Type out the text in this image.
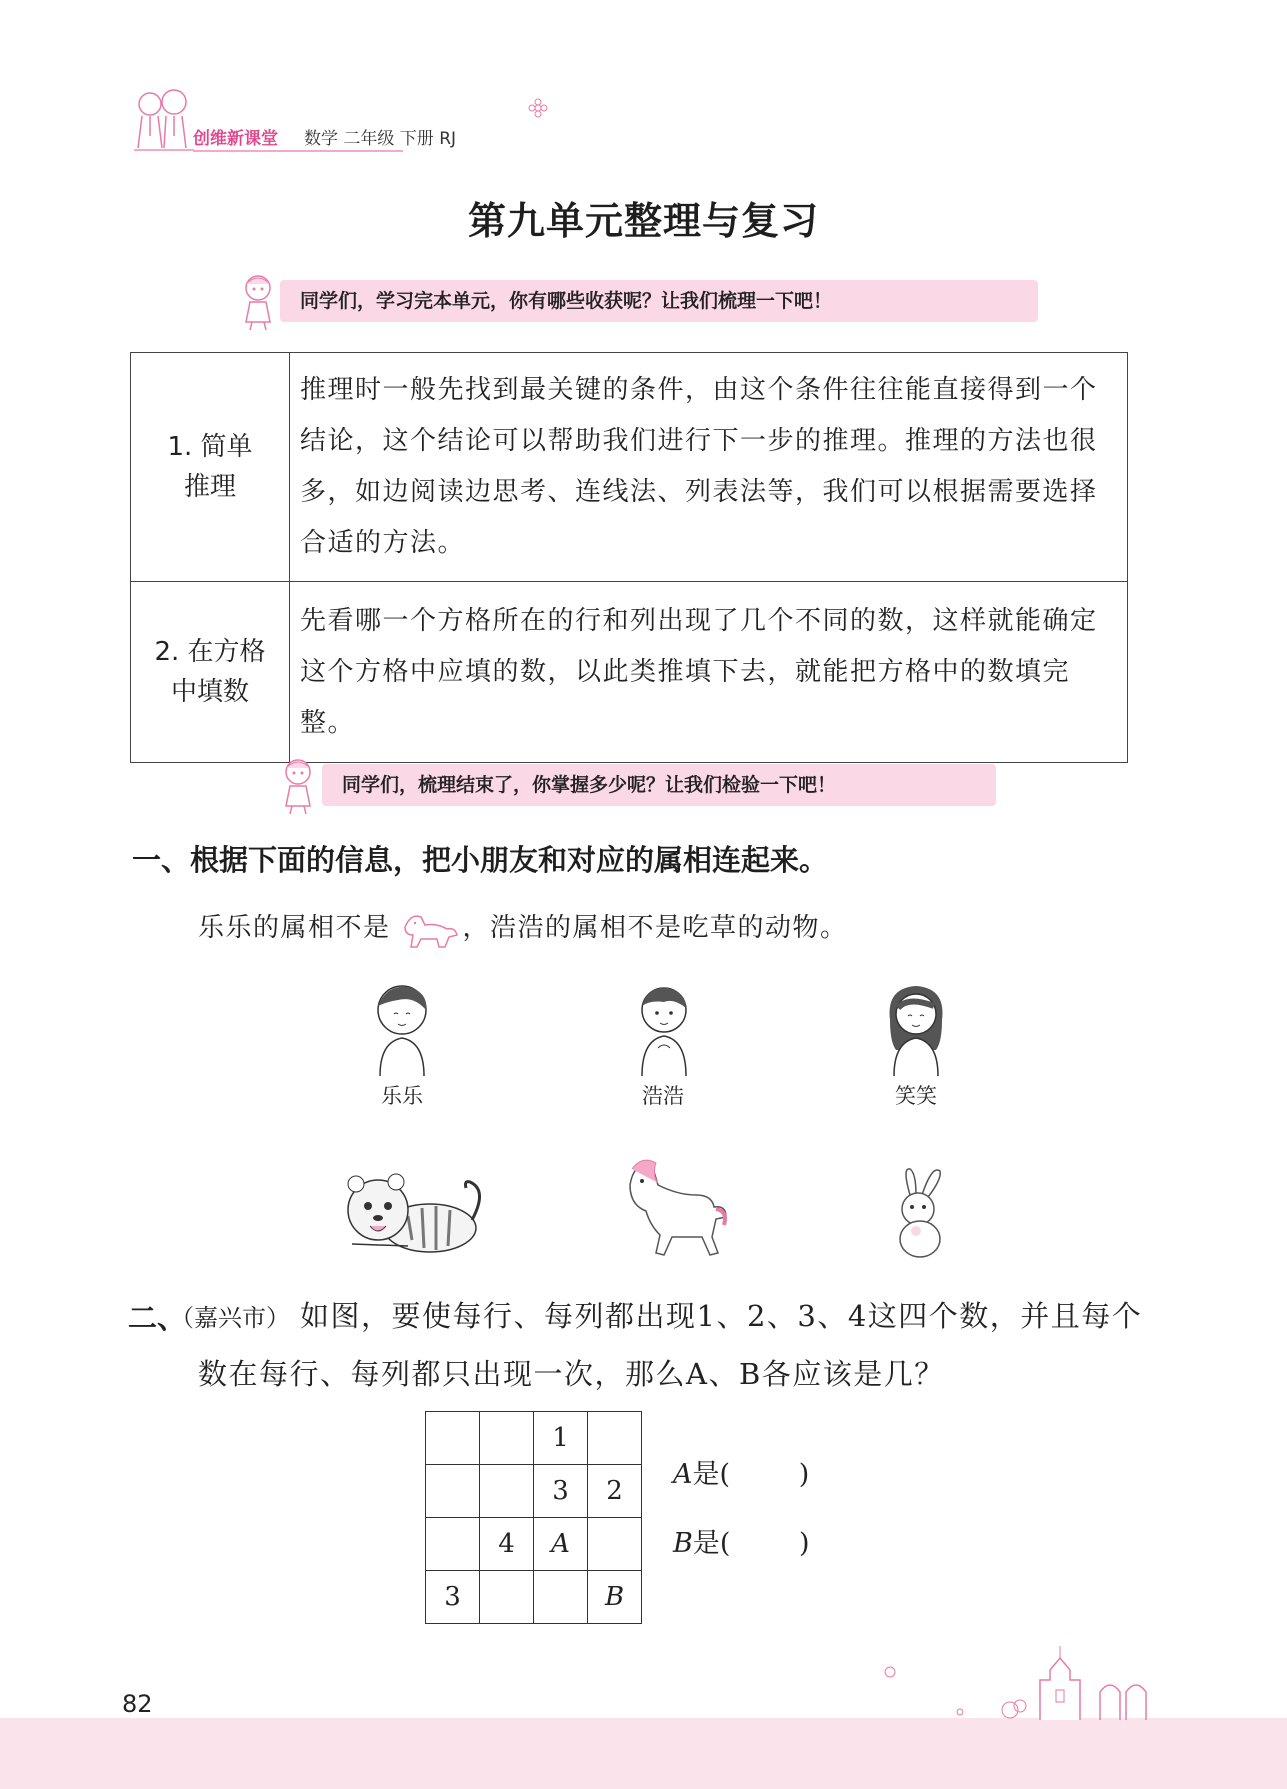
创维新课堂 数学 二年级 下册 RJ
第九单元整理与复习
同学们，学习完本单元，你有哪些收获呢？让我们梳理一下吧！
1. 简单
推理	推理时一般先找到最关键的条件，由这个条件往往能直接得到一个结论，这个结论可以帮助我们进行下一步的推理。推理的方法也很多，如边阅读边思考、连线法、列表法等，我们可以根据需要选择合适的方法。

2. 在方格
中填数	先看哪一个方格所在的行和列出现了几个不同的数，这样就能确定这个方格中应填的数，以此类推填下去，就能把方格中的数填完整。
同学们，梳理结束了，你掌握多少呢？让我们检验一下吧！
一、根据下面的信息，把小朋友和对应的属相连起来。
乐乐的属相不是	，浩浩的属相不是吃草的动物。
乐乐	浩浩	笑笑
二、
（嘉兴市） 如图，要使每行、每列都出现1、2、3、4这四个数，并且每个
数在每行、每列都只出现一次，那么A、B各应该是几？
		1	
		3	2
	4	A	
3			B
A是(        )
B是(        )
82
